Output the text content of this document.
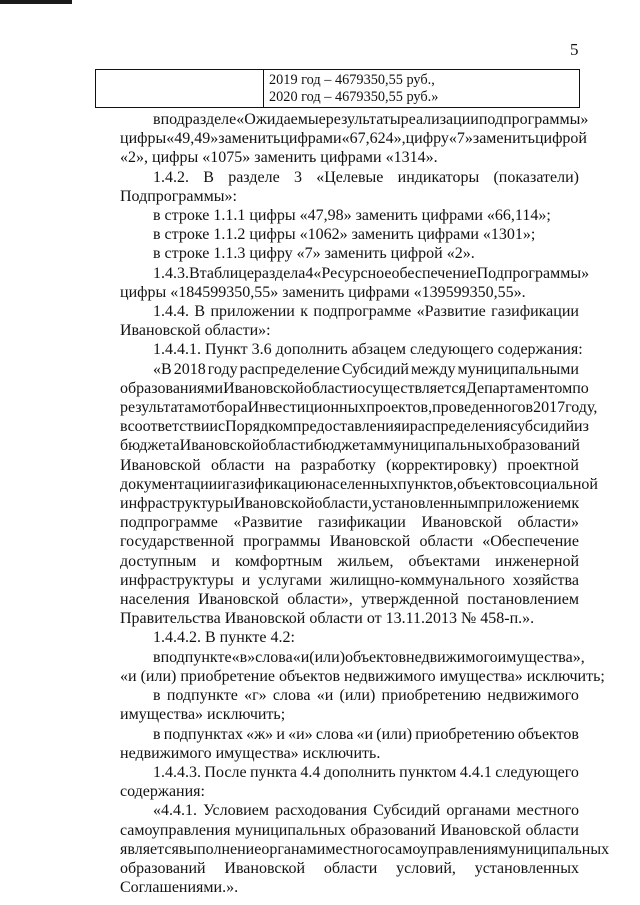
5

2019 год – 4679350,55 руб.,
2020 год – 4679350,55 руб.»
в подразделе «Ожидаемые результаты реализации подпрограммы»
цифры «49,49» заменить цифрами «67,624», цифру «7» заменить цифрой
«2», цифры «1075» заменить цифрами «1314».
1.4.2. В разделе 3 «Целевые индикаторы (показатели)
Подпрограммы»:
в строке 1.1.1 цифры «47,98» заменить цифрами «66,114»;
в строке 1.1.2 цифры «1062» заменить цифрами «1301»;
в строке 1.1.3 цифру «7» заменить цифрой «2».
1.4.3. В таблице раздела 4 «Ресурсное обеспечение Подпрограммы»
цифры «184599350,55» заменить цифрами «139599350,55».
1.4.4. В приложении к подпрограмме «Развитие газификации
Ивановской области»:
1.4.4.1. Пункт 3.6 дополнить абзацем следующего содержания:
«В 2018 году распределение Субсидий между муниципальными
образованиями Ивановской области осуществляется Департаментом по
результатам отбора Инвестиционных проектов, проведенного в 2017 году,
в соответствии с Порядком предоставления и распределения субсидий из
бюджета Ивановской области бюджетам муниципальных образований
Ивановской области на разработку (корректировку) проектной
документации и газификацию населенных пунктов, объектов социальной
инфраструктуры Ивановской области, установленным приложением к
подпрограмме «Развитие газификации Ивановской области»
государственной программы Ивановской области «Обеспечение
доступным и комфортным жильем, объектами инженерной
инфраструктуры и услугами жилищно-коммунального хозяйства
населения Ивановской области», утвержденной постановлением
Правительства Ивановской области от 13.11.2013 № 458-п.».
1.4.4.2. В пункте 4.2:
в подпункте «в» слова «и (или) объектов недвижимого имущества»,
«и (или) приобретение объектов недвижимого имущества» исключить;
в подпункте «г» слова «и (или) приобретению недвижимого
имущества» исключить;
в подпунктах «ж» и «и» слова «и (или) приобретению объектов
недвижимого имущества» исключить.
1.4.4.3. После пункта 4.4 дополнить пунктом 4.4.1 следующего
содержания:
«4.4.1. Условием расходования Субсидий органами местного
самоуправления муниципальных образований Ивановской области
является выполнение органами местного самоуправления муниципальных
образований Ивановской области условий, установленных
Соглашениями.».
